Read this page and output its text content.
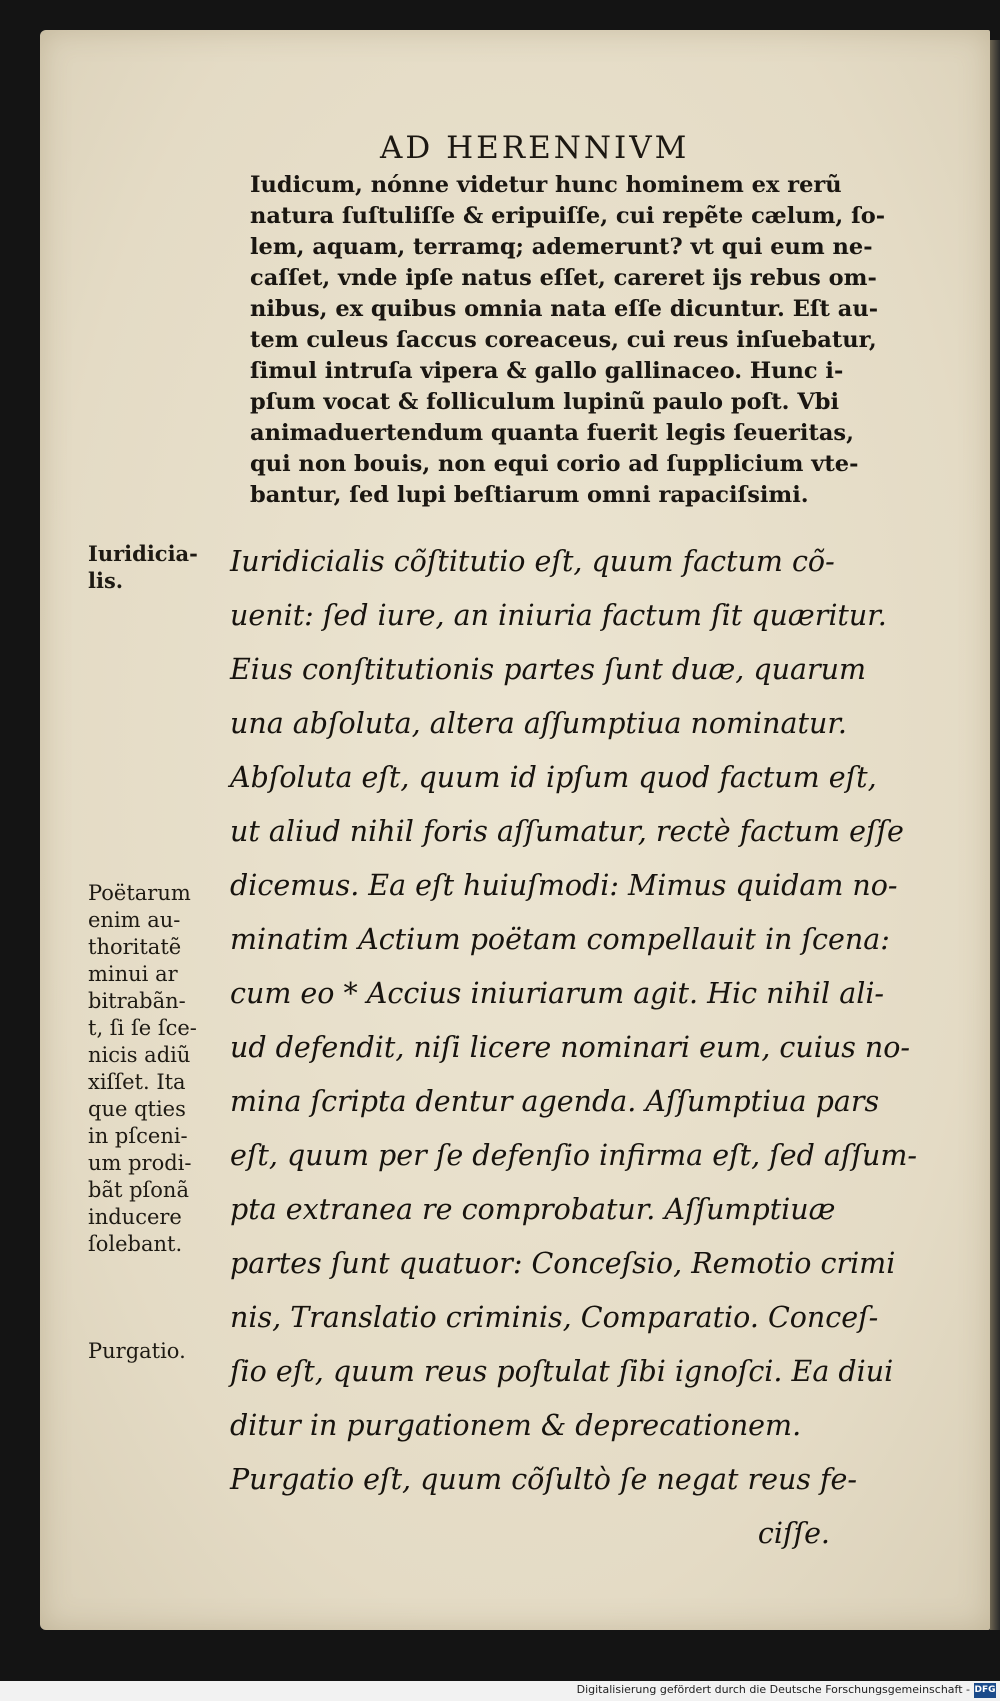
AD HERENNIVM
Iudicum, nónne videtur hunc hominem ex rerũ
natura ſuſtuliſſe & eripuiſſe, cui repẽte cælum, ſo-
lem, aquam, terramq; ademerunt? vt qui eum ne-
caſſet, vnde ipſe natus eſſet, careret ĳs rebus om-
nibus, ex quibus omnia nata eſſe dicuntur. Eſt au-
tem culeus ſaccus coreaceus, cui reus inſuebatur,
ſimul intruſa vipera & gallo gallinaceo. Hunc i-
pſum vocat & folliculum lupinũ paulo poſt. Vbi
animaduertendum quanta fuerit legis ſeueritas,
qui non bouis, non equi corio ad ſupplicium vte-
bantur, ſed lupi beſtiarum omni rapaciſsimi.
Iuridicialis cõſtitutio eſt, quum factum cõ-
uenit: ſed iure, an iniuria factum ſit quæritur.
Eius conſtitutionis partes ſunt duæ, quarum
una abſoluta, altera aſſumptiua nominatur.
Abſoluta eſt, quum id ipſum quod factum eſt,
ut aliud nihil foris aſſumatur, rectè factum eſſe
dicemus. Ea eſt huiuſmodi: Mimus quidam no-
minatim Actium poëtam compellauit in ſcena:
cum eo * Accius iniuriarum agit. Hic nihil ali-
ud defendit, niſi licere nominari eum, cuius no-
mina ſcripta dentur agenda. Aſſumptiua pars
eſt, quum per ſe defenſio infirma eſt, ſed aſſum-
pta extranea re comprobatur. Aſſumptiuæ
partes ſunt quatuor: Conceſsio, Remotio crimi
nis, Translatio criminis, Comparatio. Conceſ-
ſio eſt, quum reus poſtulat ſibi ignoſci. Ea diui
ditur in purgationem & deprecationem.
Purgatio eſt, quum cõſultò ſe negat reus fe-
ciſſe.
Iuridicia-
lis.
Poëtarum
enim au-
thoritatẽ
minui ar
bitrabãn-
t, ſi ſe ſce-
nicis adiũ
xiſſet. Ita
que qties
in pſceni-
um prodi-
bãt pſonã
inducere
ſolebant.
Purgatio.
Digitalisierung gefördert durch die Deutsche Forschungsgemeinschaft - DFG
